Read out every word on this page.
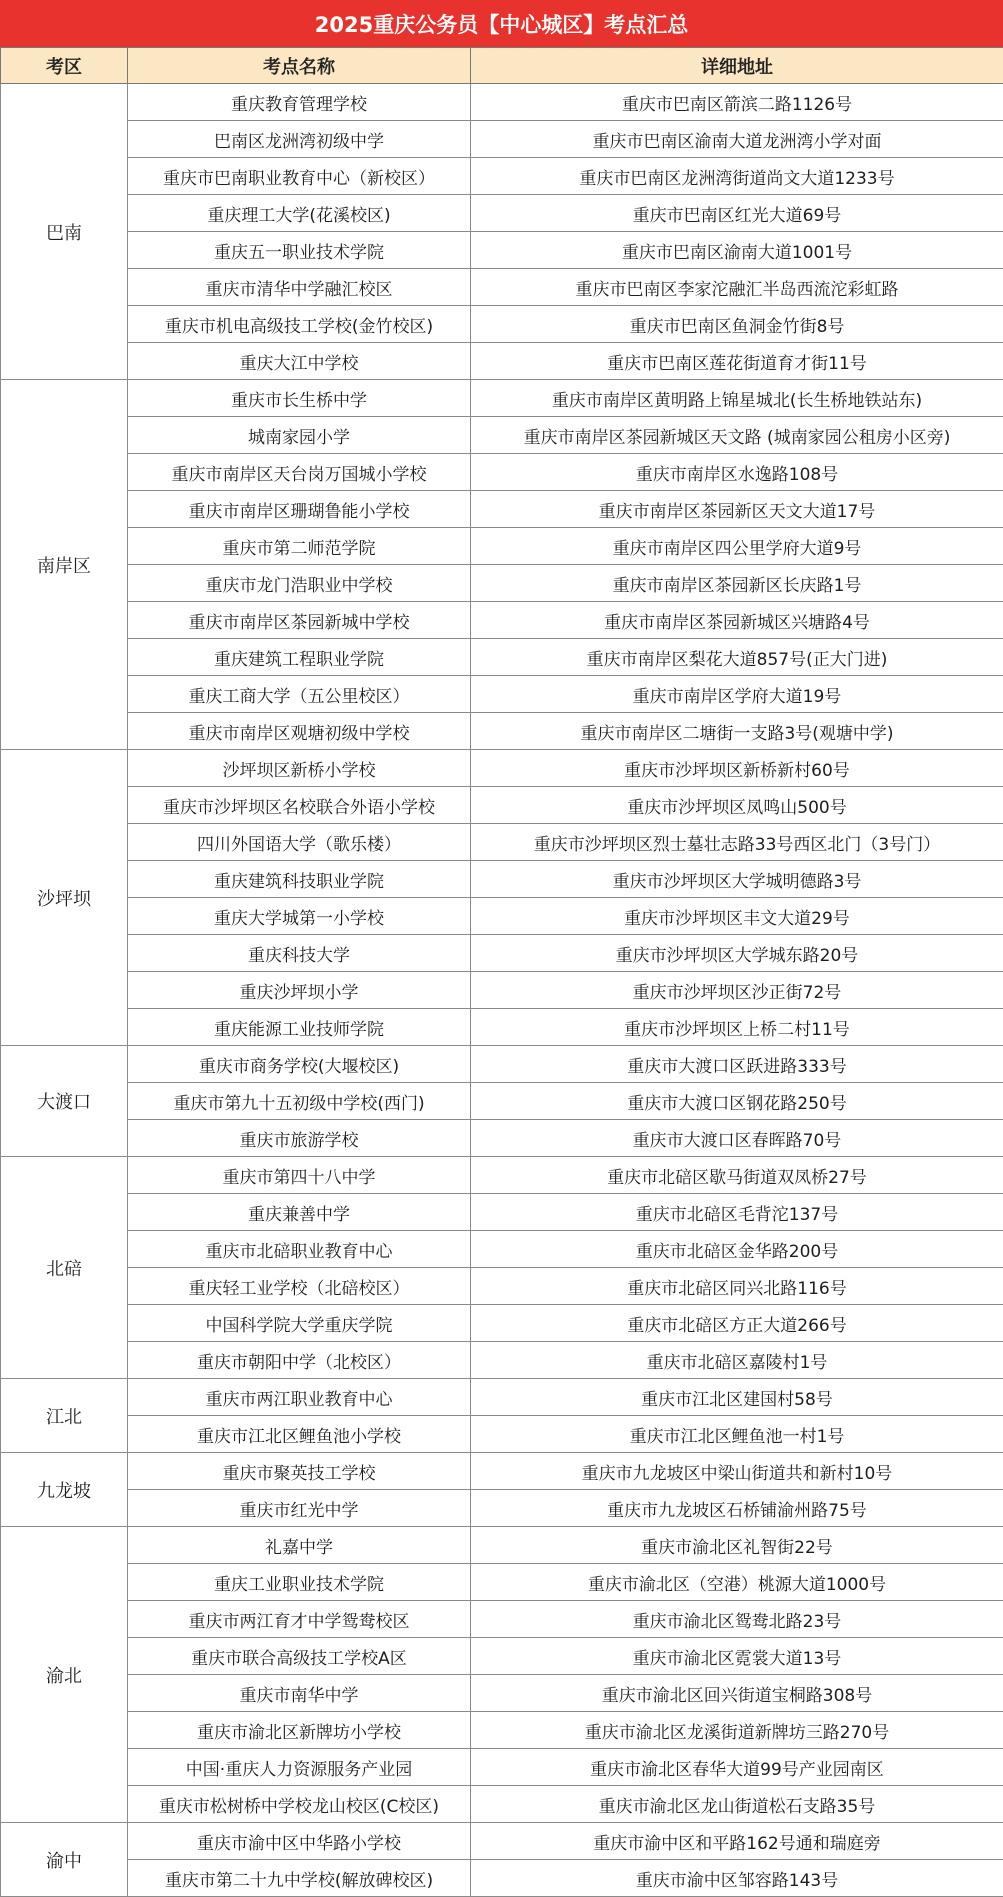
2025重庆公务员【中心城区】考点汇总
考区	考点名称	详细地址
巴南	重庆教育管理学校	重庆市巴南区箭滨二路1126号
	巴南区龙洲湾初级中学	重庆市巴南区渝南大道龙洲湾小学对面
	重庆市巴南职业教育中心（新校区）	重庆市巴南区龙洲湾街道尚文大道1233号
	重庆理工大学(花溪校区)	重庆市巴南区红光大道69号
	重庆五一职业技术学院	重庆市巴南区渝南大道1001号
	重庆市清华中学融汇校区	重庆市巴南区李家沱融汇半岛西流沱彩虹路
	重庆市机电高级技工学校(金竹校区)	重庆市巴南区鱼洞金竹街8号
	重庆大江中学校	重庆市巴南区莲花街道育才街11号
南岸区	重庆市长生桥中学	重庆市南岸区黄明路上锦星城北(长生桥地铁站东)
	城南家园小学	重庆市南岸区茶园新城区天文路 (城南家园公租房小区旁)
	重庆市南岸区天台岗万国城小学校	重庆市南岸区水逸路108号
	重庆市南岸区珊瑚鲁能小学校	重庆市南岸区茶园新区天文大道17号
	重庆市第二师范学院	重庆市南岸区四公里学府大道9号
	重庆市龙门浩职业中学校	重庆市南岸区茶园新区长庆路1号
	重庆市南岸区茶园新城中学校	重庆市南岸区茶园新城区兴塘路4号
	重庆建筑工程职业学院	重庆市南岸区梨花大道857号(正大门进)
	重庆工商大学（五公里校区）	重庆市南岸区学府大道19号
	重庆市南岸区观塘初级中学校	重庆市南岸区二塘街一支路3号(观塘中学)
沙坪坝	沙坪坝区新桥小学校	重庆市沙坪坝区新桥新村60号
	重庆市沙坪坝区名校联合外语小学校	重庆市沙坪坝区凤鸣山500号
	四川外国语大学（歌乐楼）	重庆市沙坪坝区烈士墓壮志路33号西区北门（3号门）
	重庆建筑科技职业学院	重庆市沙坪坝区大学城明德路3号
	重庆大学城第一小学校	重庆市沙坪坝区丰文大道29号
	重庆科技大学	重庆市沙坪坝区大学城东路20号
	重庆沙坪坝小学	重庆市沙坪坝区沙正街72号
	重庆能源工业技师学院	重庆市沙坪坝区上桥二村11号
大渡口	重庆市商务学校(大堰校区)	重庆市大渡口区跃进路333号
	重庆市第九十五初级中学校(西门)	重庆市大渡口区钢花路250号
	重庆市旅游学校	重庆市大渡口区春晖路70号
北碚	重庆市第四十八中学	重庆市北碚区歇马街道双凤桥27号
	重庆兼善中学	重庆市北碚区毛背沱137号
	重庆市北碚职业教育中心	重庆市北碚区金华路200号
	重庆轻工业学校（北碚校区）	重庆市北碚区同兴北路116号
	中国科学院大学重庆学院	重庆市北碚区方正大道266号
	重庆市朝阳中学（北校区）	重庆市北碚区嘉陵村1号
江北	重庆市两江职业教育中心	重庆市江北区建国村58号
	重庆市江北区鲤鱼池小学校	重庆市江北区鲤鱼池一村1号
九龙坡	重庆市聚英技工学校	重庆市九龙坡区中梁山街道共和新村10号
	重庆市红光中学	重庆市九龙坡区石桥铺渝州路75号
渝北	礼嘉中学	重庆市渝北区礼智街22号
	重庆工业职业技术学院	重庆市渝北区（空港）桃源大道1000号
	重庆市两江育才中学鸳鸯校区	重庆市渝北区鸳鸯北路23号
	重庆市联合高级技工学校A区	重庆市渝北区霓裳大道13号
	重庆市南华中学	重庆市渝北区回兴街道宝桐路308号
	重庆市渝北区新牌坊小学校	重庆市渝北区龙溪街道新牌坊三路270号
	中国·重庆人力资源服务产业园	重庆市渝北区春华大道99号产业园南区
	重庆市松树桥中学校龙山校区(C校区)	重庆市渝北区龙山街道松石支路35号
渝中	重庆市渝中区中华路小学校	重庆市渝中区和平路162号通和瑞庭旁
	重庆市第二十九中学校(解放碑校区)	重庆市渝中区邹容路143号
